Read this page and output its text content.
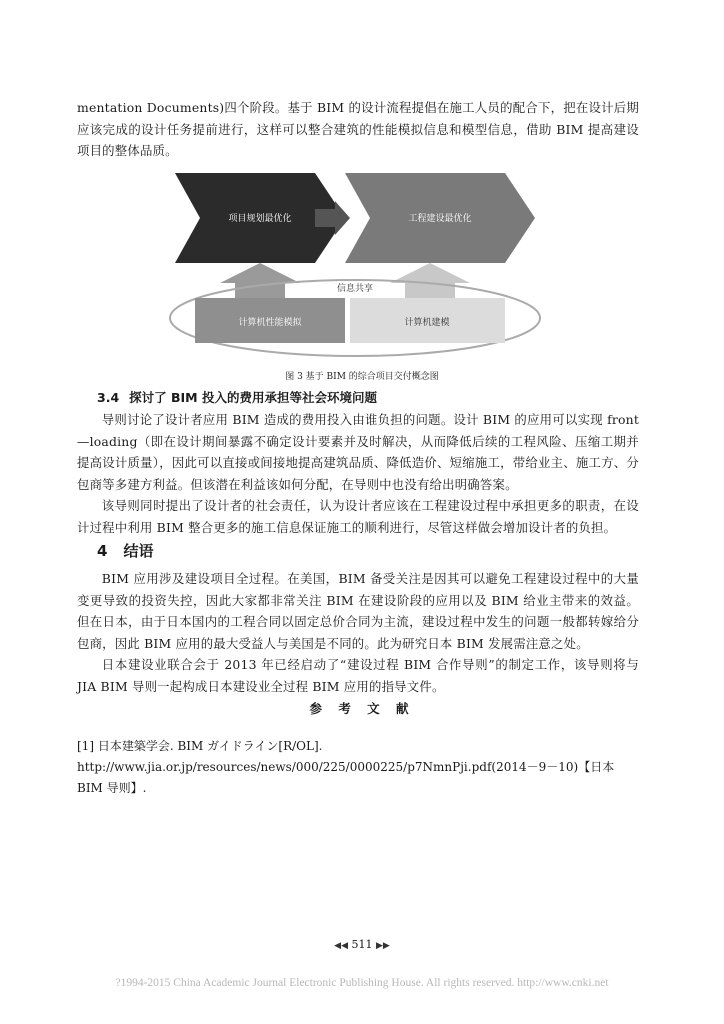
mentation Documents)四个阶段。基于 BIM 的设计流程提倡在施工人员的配合下，把在设计后期应该完成的设计任务提前进行，这样可以整合建筑的性能模拟信息和模型信息，借助 BIM 提高建设项目的整体品质。

项目规划最优化	工程建设最优化
信息共享
计算机性能模拟	计算机建模
图 3 基于 BIM 的综合项目交付概念图
3.4 探讨了 BIM 投入的费用承担等社会环境问题

导则讨论了设计者应用 BIM 造成的费用投入由谁负担的问题。设计 BIM 的应用可以实现 front—loading（即在设计期间暴露不确定设计要素并及时解决，从而降低后续的工程风险、压缩工期并提高设计质量），因此可以直接或间接地提高建筑品质、降低造价、短缩施工，带给业主、施工方、分包商等多建方利益。但该潜在利益该如何分配，在导则中也没有给出明确答案。

该导则同时提出了设计者的社会责任，认为设计者应该在工程建设过程中承担更多的职责，在设计过程中利用 BIM 整合更多的施工信息保证施工的顺利进行，尽管这样做会增加设计者的负担。

4 结语

BIM 应用涉及建设项目全过程。在美国，BIM 备受关注是因其可以避免工程建设过程中的大量变更导致的投资失控，因此大家都非常关注 BIM 在建设阶段的应用以及 BIM 给业主带来的效益。但在日本，由于日本国内的工程合同以固定总价合同为主流，建设过程中发生的问题一般都转嫁给分包商，因此 BIM 应用的最大受益人与美国是不同的。此为研究日本 BIM 发展需注意之处。

日本建设业联合会于 2013 年已经启动了“建设过程 BIM 合作导则”的制定工作，该导则将与 JIA BIM 导则一起构成日本建设业全过程 BIM 应用的指导文件。

参 考 文 献

[1] 日本建築学会. BIM ガイドライン[R/OL]. http://www.jia.or.jp/resources/news/000/225/0000225/p7NmnPji.pdf(2014－9－10)【日本 BIM 导则】.

◀◀ 511 ▶▶
?1994-2015 China Academic Journal Electronic Publishing House. All rights reserved. http://www.cnki.net
